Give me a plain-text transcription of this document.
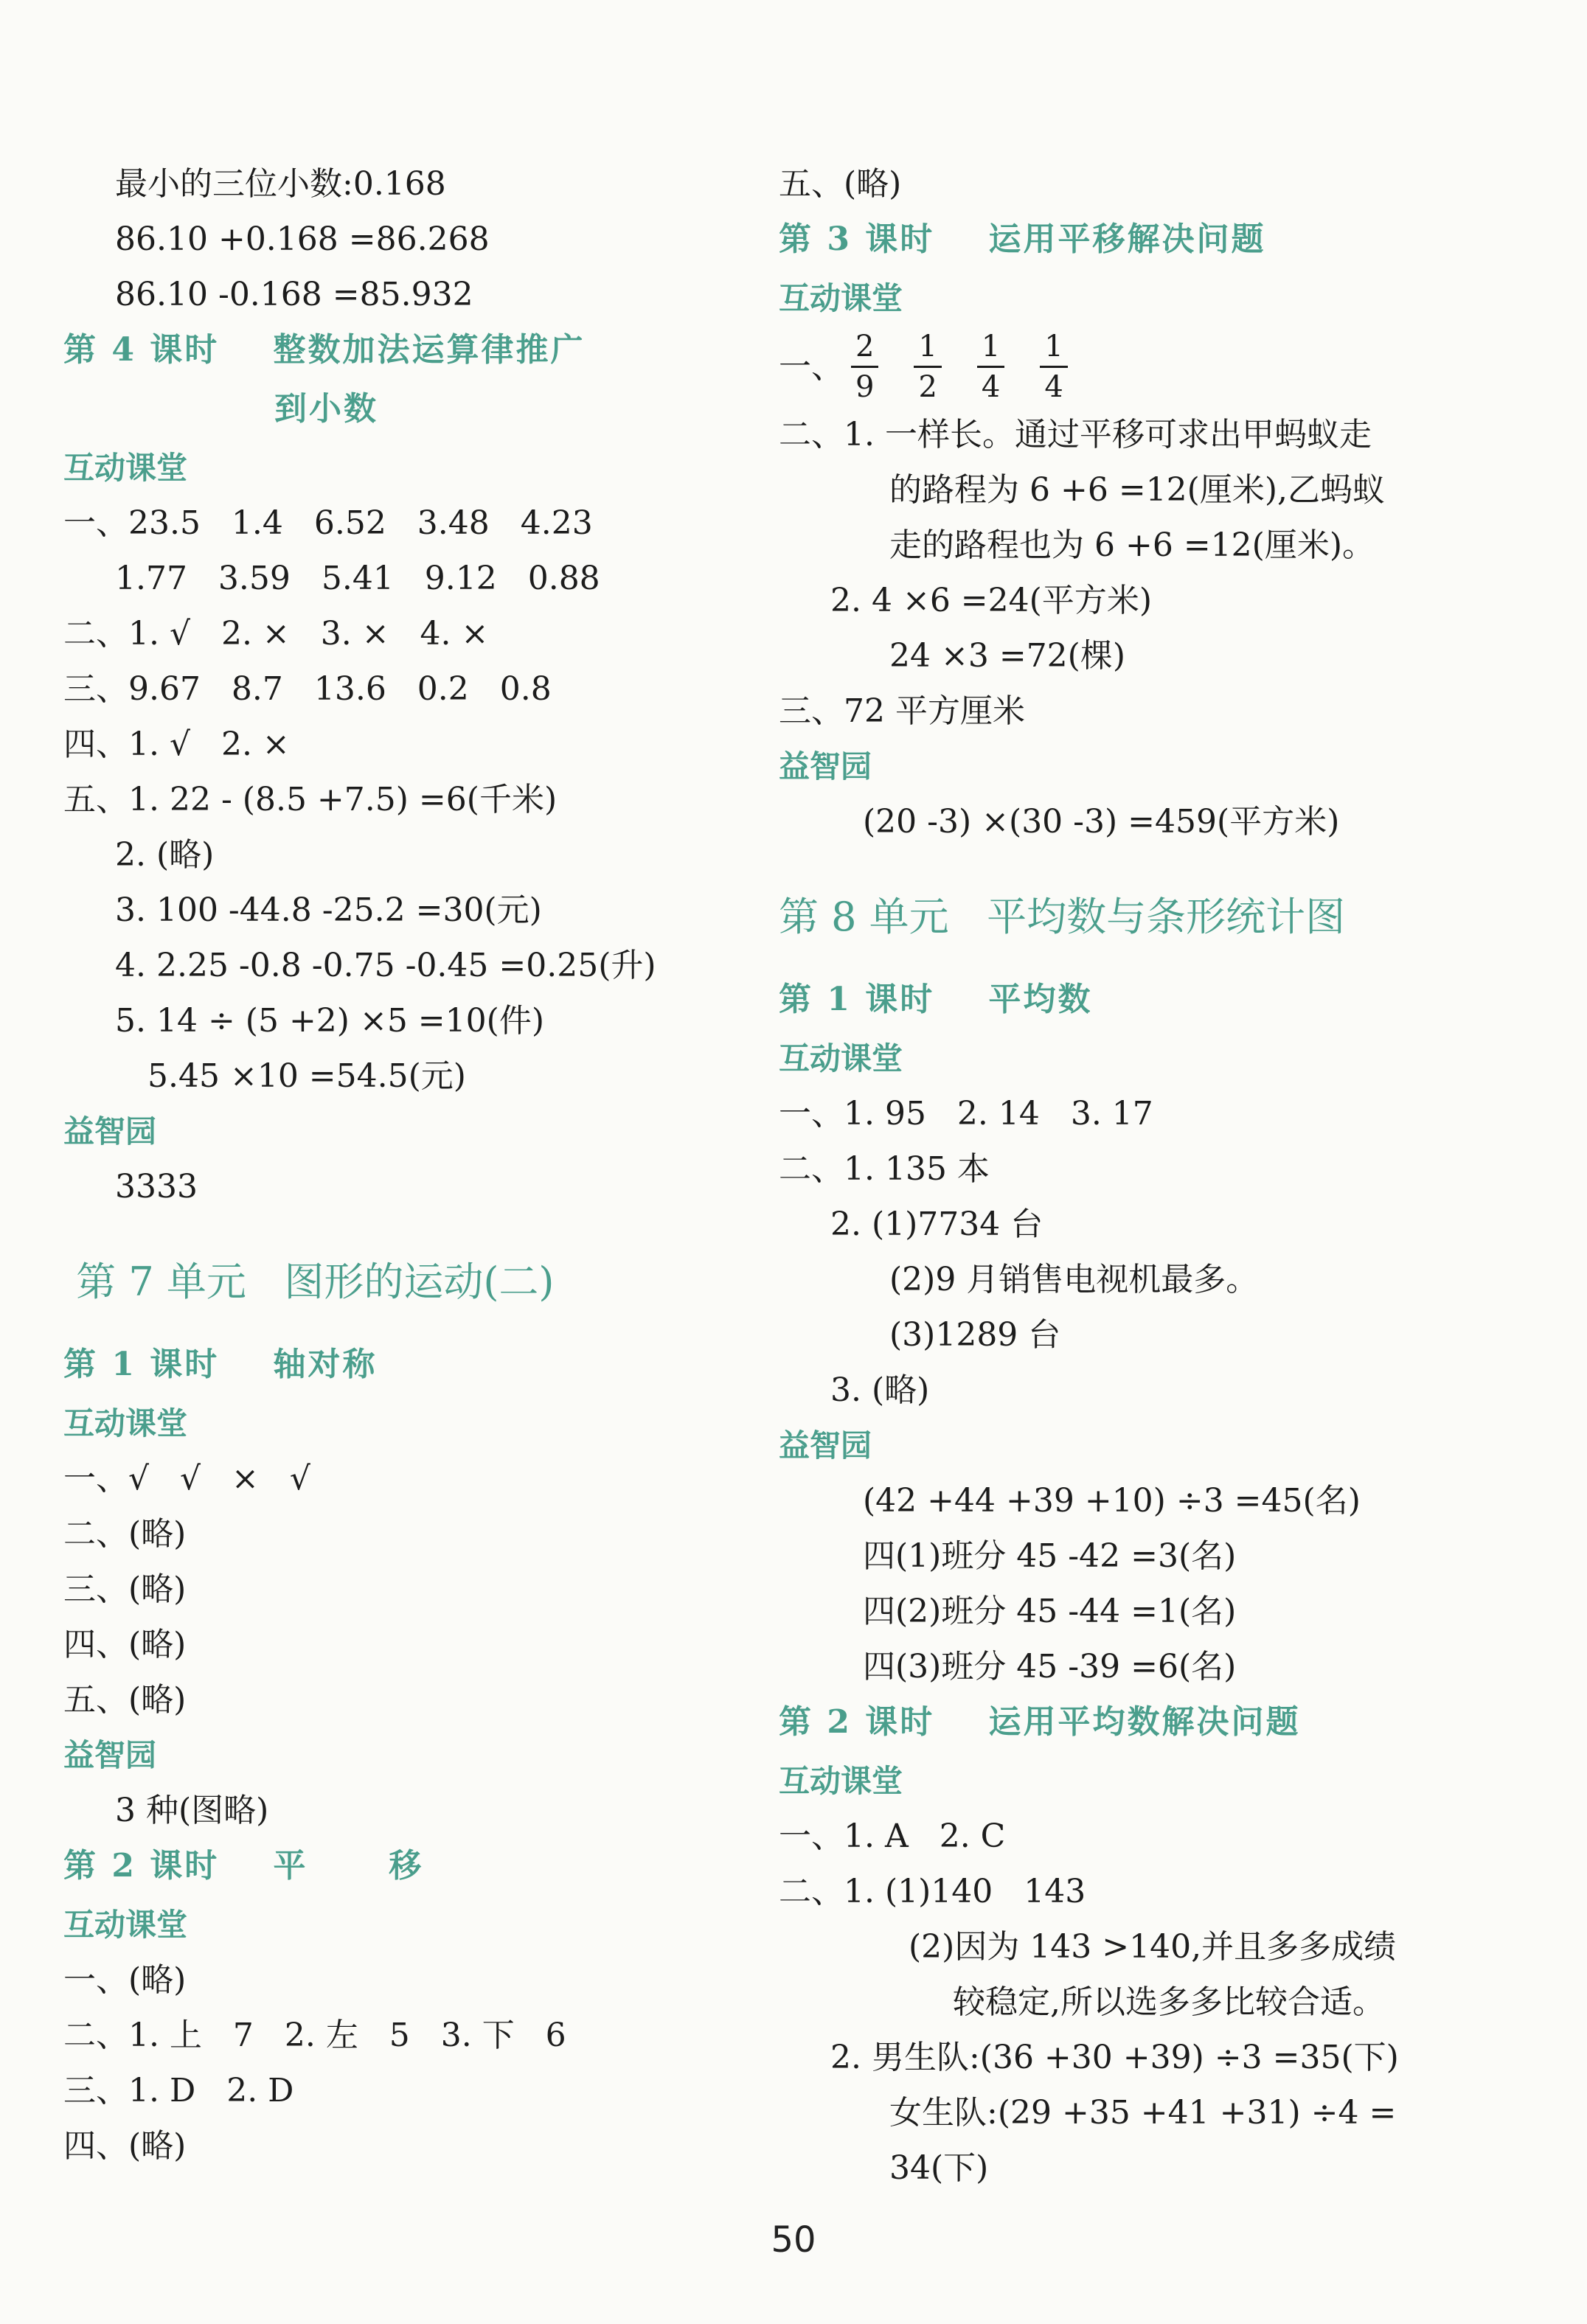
最小的三位小数:0.168
86.10 +0.168 =86.268
86.10 -0.168 =85.932
第 4 课时    整数加法运算律推广
到小数
互动课堂
一、23.5   1.4   6.52   3.48   4.23
1.77   3.59   5.41   9.12   0.88
二、1. √   2. ×   3. ×   4. ×
三、9.67   8.7   13.6   0.2   0.8
四、1. √   2. ×
五、1. 22 - (8.5 +7.5) =6(千米)
2. (略)
3. 100 -44.8 -25.2 =30(元)
4. 2.25 -0.8 -0.75 -0.45 =0.25(升)
5. 14 ÷ (5 +2) ×5 =10(件)
5.45 ×10 =54.5(元)
益智园
3333
第 7 单元   图形的运动(二)
第 1 课时    轴对称
互动课堂
一、√   √   ×   √
二、(略)
三、(略)
四、(略)
五、(略)
益智园
3 种(图略)
第 2 课时    平      移
互动课堂
一、(略)
二、1. 上   7   2. 左   5   3. 下   6
三、1. D   2. D
四、(略)
五、(略)
第 3 课时    运用平移解决问题
互动课堂
一、 $\frac{2}{9} \frac{1}{2} \frac{1}{4} \frac{1}{4}$
二、1. 一样长。通过平移可求出甲蚂蚁走
的路程为 6 +6 =12(厘米),乙蚂蚁
走的路程也为 6 +6 =12(厘米)。
2. 4 ×6 =24(平方米)
24 ×3 =72(棵)
三、72 平方厘米
益智园
(20 -3) ×(30 -3) =459(平方米)
第 8 单元   平均数与条形统计图
第 1 课时    平均数
互动课堂
一、1. 95   2. 14   3. 17
二、1. 135 本
2. (1)7734 台
(2)9 月销售电视机最多。
(3)1289 台
3. (略)
益智园
(42 +44 +39 +10) ÷3 =45(名)
四(1)班分 45 -42 =3(名)
四(2)班分 45 -44 =1(名)
四(3)班分 45 -39 =6(名)
第 2 课时    运用平均数解决问题
互动课堂
一、1. A   2. C
二、1. (1)140   143
(2)因为 143 >140,并且多多成绩
较稳定,所以选多多比较合适。
2. 男生队:(36 +30 +39) ÷3 =35(下)
女生队:(29 +35 +41 +31) ÷4 =
34(下)
50
